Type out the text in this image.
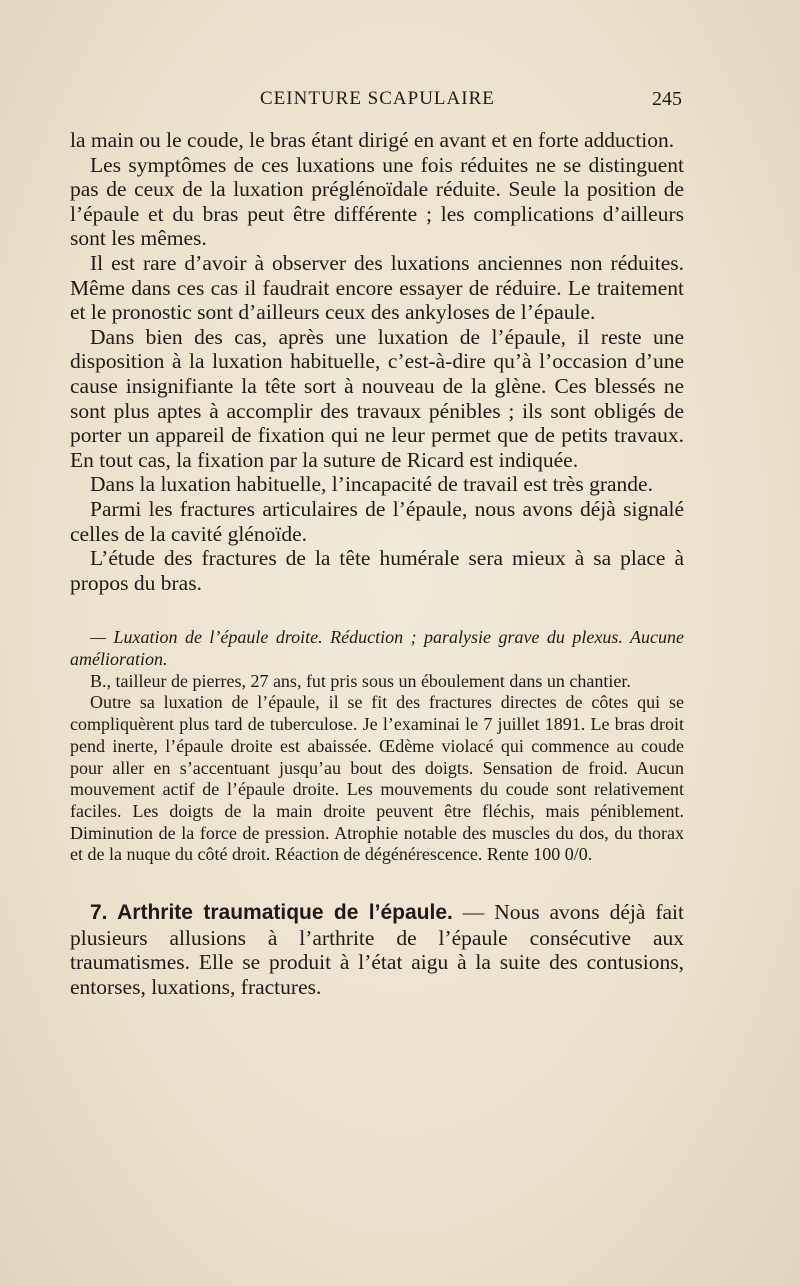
CEINTURE SCAPULAIRE	245

la main ou le coude, le bras étant dirigé en avant et en forte adduction.

Les symptômes de ces luxations une fois réduites ne se distinguent pas de ceux de la luxation préglénoïdale réduite. Seule la position de l’épaule et du bras peut être différente ; les complications d’ailleurs sont les mêmes.

Il est rare d’avoir à observer des luxations anciennes non réduites. Même dans ces cas il faudrait encore essayer de réduire. Le traitement et le pronostic sont d’ailleurs ceux des ankyloses de l’épaule.

Dans bien des cas, après une luxation de l’épaule, il reste une disposition à la luxation habituelle, c’est-à-dire qu’à l’occasion d’une cause insignifiante la tête sort à nouveau de la glène. Ces blessés ne sont plus aptes à accomplir des travaux pénibles ; ils sont obligés de porter un appareil de fixation qui ne leur permet que de petits travaux. En tout cas, la fixation par la suture de Ricard est indiquée.

Dans la luxation habituelle, l’incapacité de travail est très grande.

Parmi les fractures articulaires de l’épaule, nous avons déjà signalé celles de la cavité glénoïde.

L’étude des fractures de la tête humérale sera mieux à sa place à propos du bras.

— Luxation de l’épaule droite. Réduction ; paralysie grave du plexus. Aucune amélioration.

B., tailleur de pierres, 27 ans, fut pris sous un éboulement dans un chantier.

Outre sa luxation de l’épaule, il se fit des fractures directes de côtes qui se compliquèrent plus tard de tuberculose. Je l’examinai le 7 juillet 1891. Le bras droit pend inerte, l’épaule droite est abaissée. Œdème violacé qui commence au coude pour aller en s’accentuant jusqu’au bout des doigts. Sensation de froid. Aucun mouvement actif de l’épaule droite. Les mouvements du coude sont relativement faciles. Les doigts de la main droite peuvent être fléchis, mais péniblement. Diminution de la force de pression. Atrophie notable des muscles du dos, du thorax et de la nuque du côté droit. Réaction de dégénérescence. Rente 100 0/0.

7. Arthrite traumatique de l’épaule. — Nous avons déjà fait plusieurs allusions à l’arthrite de l’épaule consécutive aux traumatismes. Elle se produit à l’état aigu à la suite des contusions, entorses, luxations, fractures.
